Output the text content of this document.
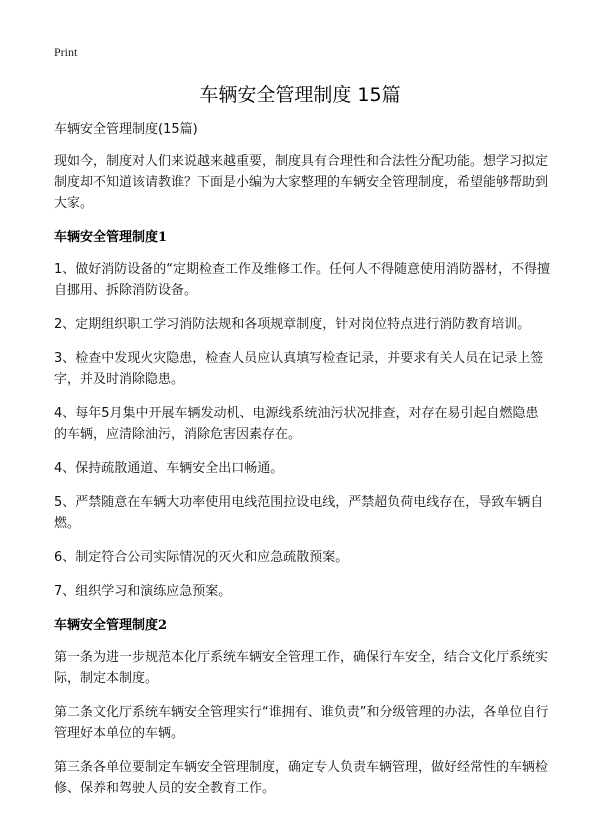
Print
车辆安全管理制度 15篇

车辆安全管理制度(15篇)

现如今，制度对人们来说越来越重要，制度具有合理性和合法性分配功能。想学习拟定制度却不知道该请教谁？下面是小编为大家整理的车辆安全管理制度，希望能够帮助到大家。

车辆安全管理制度1

1、做好消防设备的“定期检查工作及维修工作。任何人不得随意使用消防器材，不得擅自挪用、拆除消防设备。

2、定期组织职工学习消防法规和各项规章制度，针对岗位特点进行消防教育培训。

3、检查中发现火灾隐患，检查人员应认真填写检查记录，并要求有关人员在记录上签字，并及时消除隐患。

4、每年5月集中开展车辆发动机、电源线系统油污状况排查，对存在易引起自燃隐患的车辆，应清除油污，消除危害因素存在。

4、保持疏散通道、车辆安全出口畅通。

5、严禁随意在车辆大功率使用电线范围拉设电线，严禁超负荷电线存在，导致车辆自燃。

6、制定符合公司实际情况的灭火和应急疏散预案。

7、组织学习和演练应急预案。

车辆安全管理制度2

第一条为进一步规范本化厅系统车辆安全管理工作，确保行车安全，结合文化厅系统实际，制定本制度。

第二条文化厅系统车辆安全管理实行“谁拥有、谁负责”和分级管理的办法，各单位自行管理好本单位的车辆。

第三条各单位要制定车辆安全管理制度，确定专人负责车辆管理，做好经常性的车辆检修、保养和驾驶人员的安全教育工作。
